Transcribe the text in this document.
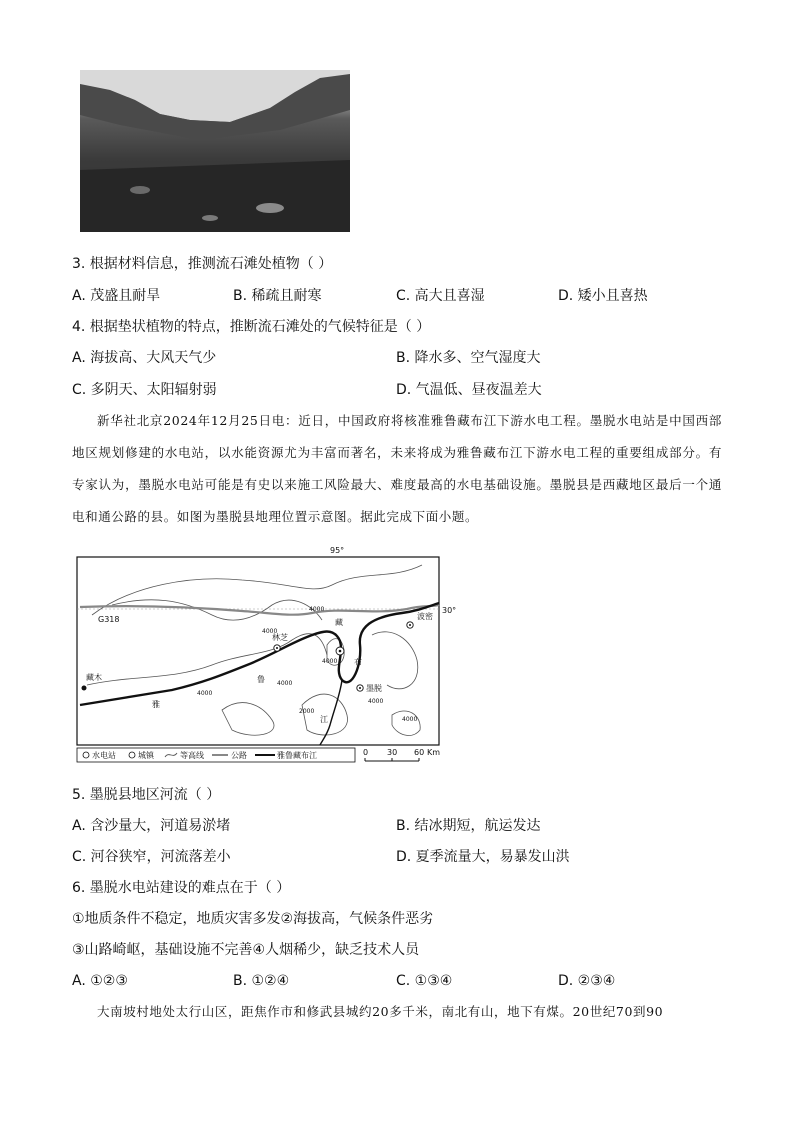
3. 根据材料信息，推测流石滩处植物（ ）
A. 茂盛且耐旱	B. 稀疏且耐寒	C. 高大且喜湿	D. 矮小且喜热
4. 根据垫状植物的特点，推断流石滩处的气候特征是（ ）
A. 海拔高、大风天气少	B. 降水多、空气湿度大
C. 多阴天、太阳辐射弱	D. 气温低、昼夜温差大
新华社北京2024年12月25日电：近日，中国政府将核准雅鲁藏布江下游水电工程。墨脱水电站是中国西部地区规划修建的水电站，以水能资源尤为丰富而著名，未来将成为雅鲁藏布江下游水电工程的重要组成部分。有专家认为，墨脱水电站可能是有史以来施工风险最大、难度最高的水电基础设施。墨脱县是西藏地区最后一个通电和通公路的县。如图为墨脱县地理位置示意图。据此完成下面小题。
95°
30°
G318
林芝
波密
墨脱
藏木
雅
鲁
藏
布
江
4000
4000
4000
4000
4000
4000
2000
4000
水电站	城镇	等高线	公路	雅鲁藏布江	0 30 60 Km
5. 墨脱县地区河流（ ）
A. 含沙量大，河道易淤堵	B. 结冰期短，航运发达
C. 河谷狭窄，河流落差小	D. 夏季流量大，易暴发山洪
6. 墨脱水电站建设的难点在于（ ）
①地质条件不稳定，地质灾害多发②海拔高，气候条件恶劣
③山路崎岖，基础设施不完善④人烟稀少，缺乏技术人员
A. ①②③	B. ①②④	C. ①③④	D. ②③④
大南坡村地处太行山区，距焦作市和修武县城约20多千米，南北有山，地下有煤。20世纪70到90
